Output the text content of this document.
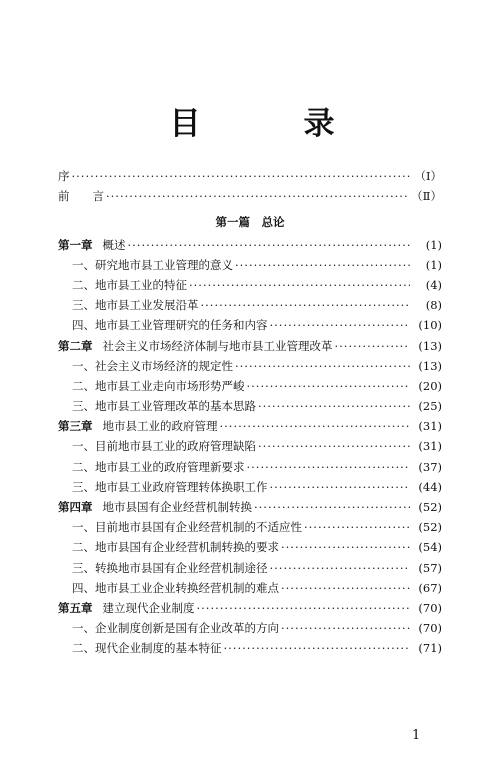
目　录
序 ·····	（Ⅰ）
前　　言 ·····	（Ⅱ）
第一篇　总论
第一章 概述 ·····	(1)
一、研究地市县工业管理的意义 ·····	(1)
二、地市县工业的特征 ·····	(4)
三、地市县工业发展沿革 ·····	(8)
四、地市县工业管理研究的任务和内容 ·····	(10)
第二章 社会主义市场经济体制与地市县工业管理改革 ·····	(13)
一、社会主义市场经济的规定性 ·····	(13)
二、地市县工业走向市场形势严峻 ·····	(20)
三、地市县工业管理改革的基本思路 ·····	(25)
第三章 地市县工业的政府管理 ·····	(31)
一、目前地市县工业的政府管理缺陷 ·····	(31)
二、地市县工业的政府管理新要求 ·····	(37)
三、地市县工业政府管理转体换职工作 ·····	(44)
第四章 地市县国有企业经营机制转换 ·····	(52)
一、目前地市县国有企业经营机制的不适应性 ·····	(52)
二、地市县国有企业经营机制转换的要求 ·····	(54)
三、转换地市县国有企业经营机制途径 ·····	(57)
四、地市县工业企业转换经营机制的难点 ·····	(67)
第五章 建立现代企业制度 ·····	(70)
一、企业制度创新是国有企业改革的方向 ·····	(70)
二、现代企业制度的基本特征 ·····	(71)
1
